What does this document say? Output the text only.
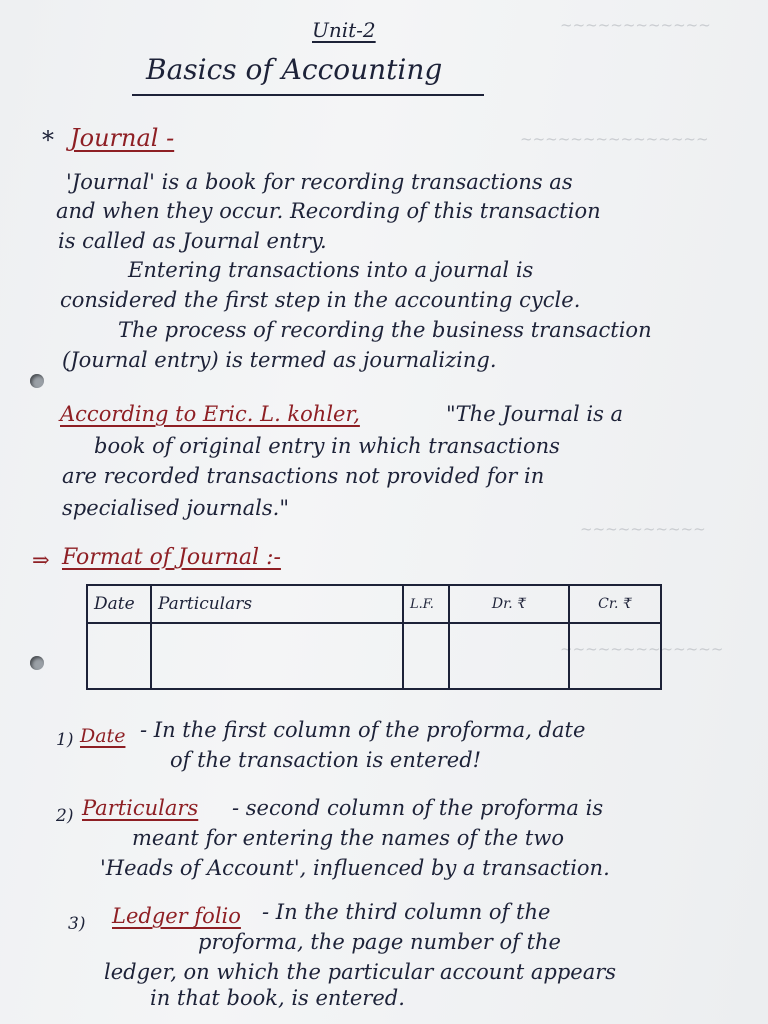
~~~~~~~~~~~~
~~~~~~~~~~~~~~~
~~~~~~~~~~
~~~~~~~~~~~~~
Unit-2
Basics of Accounting
* Journal -
'Journal' is a book for recording transactions as
and when they occur. Recording of this transaction
is called as Journal entry.
Entering transactions into a journal is
considered the first step in the accounting cycle.
The process of recording the business transaction
(Journal entry) is termed as journalizing.
According to Eric. L. kohler,	"The Journal is a
book of original entry in which transactions
are recorded transactions not provided for in
specialised journals."
⇒ Format of Journal :-
Date	Particulars	L.F.	Dr. ₹	Cr. ₹

1) Date - In the first column of the proforma, date
of the transaction is entered!
2) Particulars - second column of the proforma is
meant for entering the names of the two
'Heads of Account', influenced by a transaction.
3) Ledger folio - In the third column of the
proforma, the page number of the
ledger, on which the particular account appears
in that book, is entered.
